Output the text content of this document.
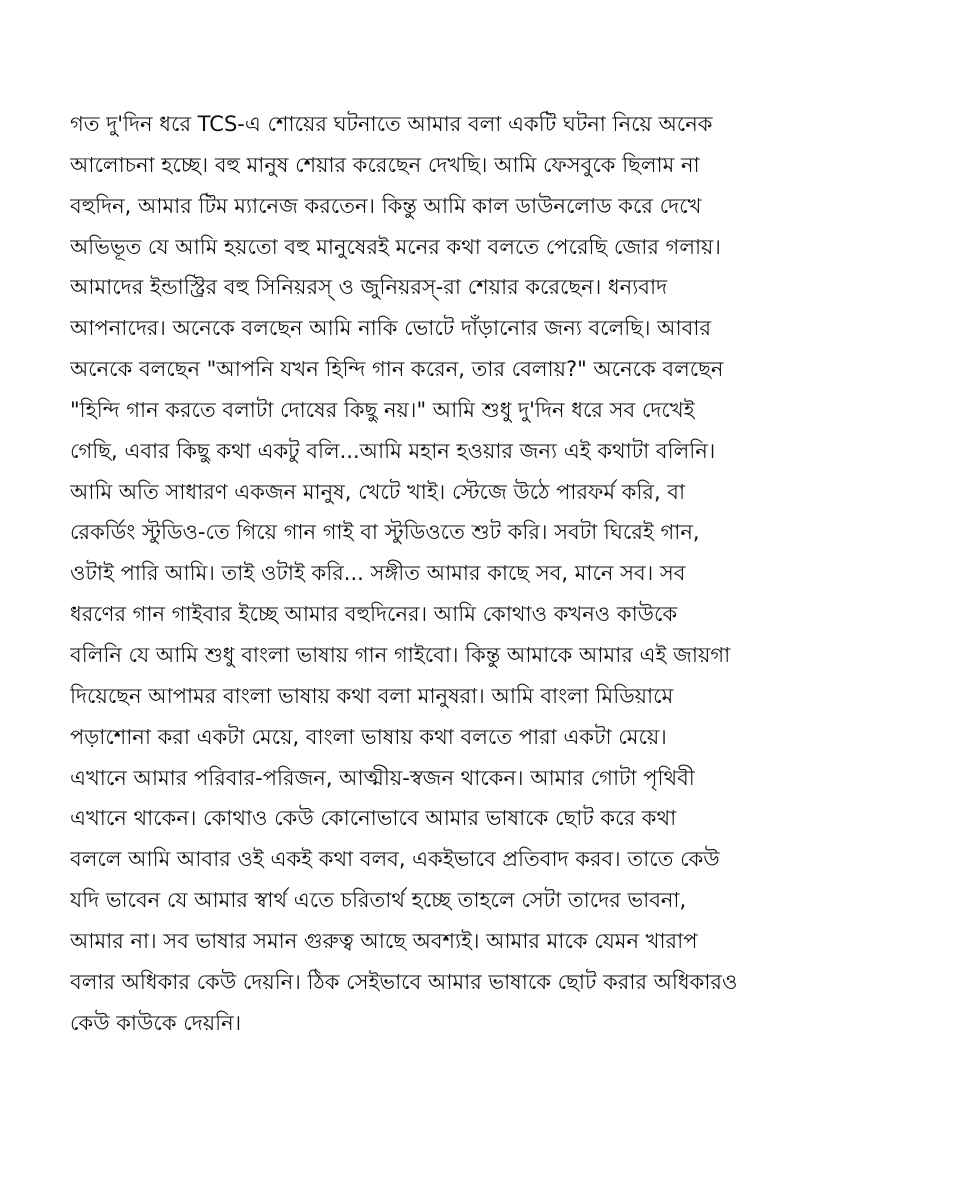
গত দু'দিন ধরে TCS-এ শোয়ের ঘটনাতে আমার বলা একটি ঘটনা নিয়ে অনেক
আলোচনা হচ্ছে। বহু মানুষ শেয়ার করেছেন দেখছি। আমি ফেসবুকে ছিলাম না
বহুদিন, আমার টিম ম্যানেজ করতেন। কিন্তু আমি কাল ডাউনলোড করে দেখে
অভিভূত যে আমি হয়তো বহু মানুষেরই মনের কথা বলতে পেরেছি জোর গলায়।
আমাদের ইন্ডাস্ট্রির বহু সিনিয়রস্ ও জুনিয়রস্-রা শেয়ার করেছেন। ধন্যবাদ
আপনাদের। অনেকে বলছেন আমি নাকি ভোটে দাঁড়ানোর জন্য বলেছি। আবার
অনেকে বলছেন "আপনি যখন হিন্দি গান করেন, তার বেলায়?" অনেকে বলছেন
"হিন্দি গান করতে বলাটা দোষের কিছু নয়।" আমি শুধু দু'দিন ধরে সব দেখেই
গেছি, এবার কিছু কথা একটু বলি...আমি মহান হওয়ার জন্য এই কথাটা বলিনি।
আমি অতি সাধারণ একজন মানুষ, খেটে খাই। স্টেজে উঠে পারফর্ম করি, বা
রেকর্ডিং স্টুডিও-তে গিয়ে গান গাই বা স্টুডিওতে শুট করি। সবটা ঘিরেই গান,
ওটাই পারি আমি। তাই ওটাই করি... সঙ্গীত আমার কাছে সব, মানে সব। সব
ধরণের গান গাইবার ইচ্ছে আমার বহুদিনের। আমি কোথাও কখনও কাউকে
বলিনি যে আমি শুধু বাংলা ভাষায় গান গাইবো। কিন্তু আমাকে আমার এই জায়গা
দিয়েছেন আপামর বাংলা ভাষায় কথা বলা মানুষরা। আমি বাংলা মিডিয়ামে
পড়াশোনা করা একটা মেয়ে, বাংলা ভাষায় কথা বলতে পারা একটা মেয়ে।
এখানে আমার পরিবার-পরিজন, আত্মীয়-স্বজন থাকেন। আমার গোটা পৃথিবী
এখানে থাকেন। কোথাও কেউ কোনোভাবে আমার ভাষাকে ছোট করে কথা
বললে আমি আবার ওই একই কথা বলব, একইভাবে প্রতিবাদ করব। তাতে কেউ
যদি ভাবেন যে আমার স্বার্থ এতে চরিতার্থ হচ্ছে তাহলে সেটা তাদের ভাবনা,
আমার না। সব ভাষার সমান গুরুত্ব আছে অবশ্যই। আমার মাকে যেমন খারাপ
বলার অধিকার কেউ দেয়নি। ঠিক সেইভাবে আমার ভাষাকে ছোট করার অধিকারও
কেউ কাউকে দেয়নি।
